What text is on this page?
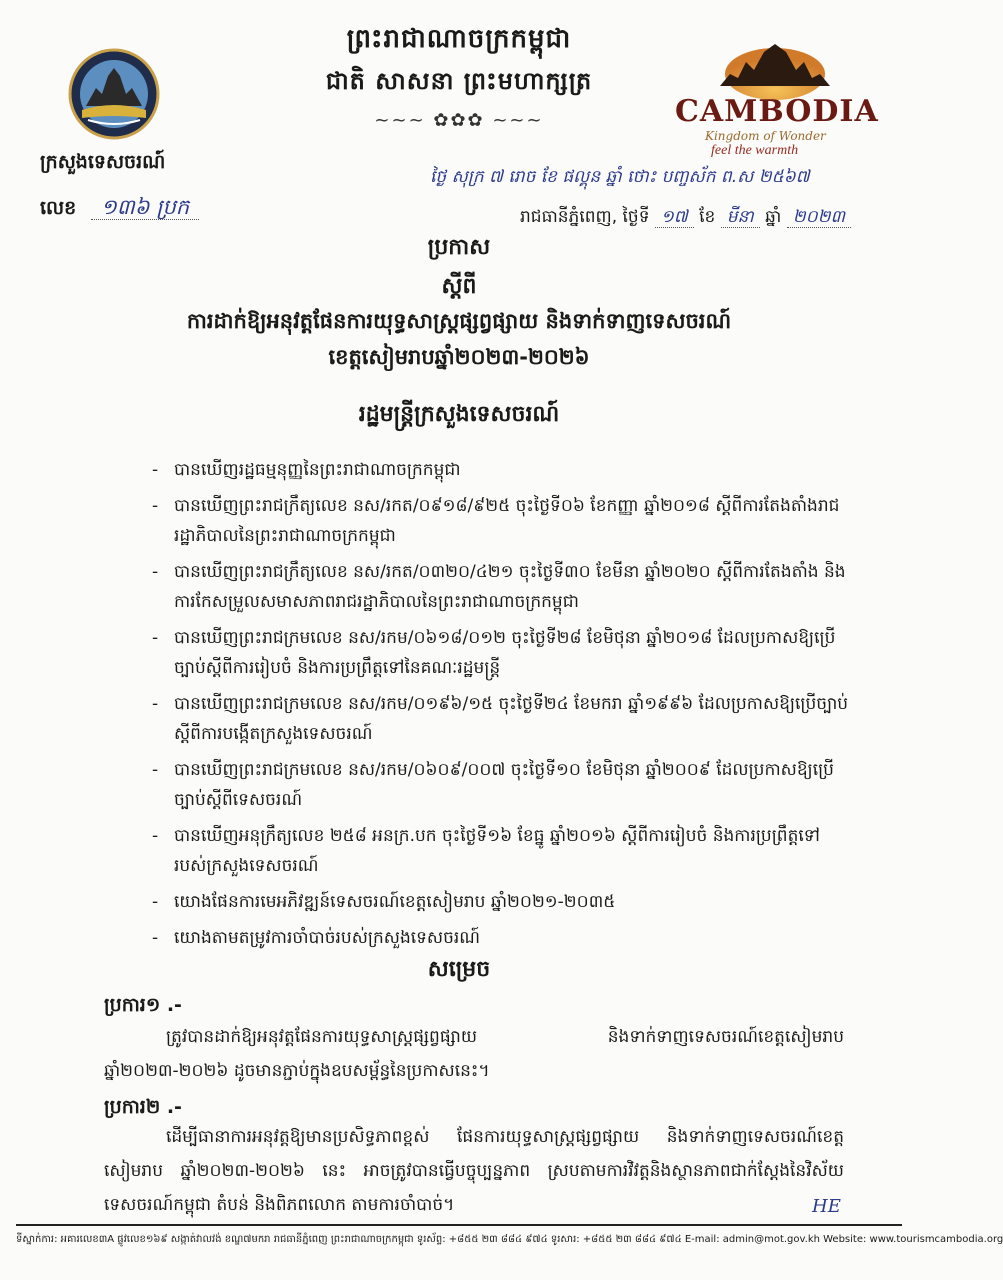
ព្រះរាជាណាចក្រកម្ពុជា
ជាតិ សាសនា ព្រះមហាក្សត្រ
~~~ ✿✿✿ ~~~
ក្រសួងទេសចរណ៍
លេខ ១៣៦ ប្រក
CAMBODIA
Kingdom of Wonder
feel the warmth
ថ្ងៃ សុក្រ ៧ រោច ខែ ផល្គុន ឆ្នាំ ថោះ បញ្ចស័ក ព.ស ២៥៦៧
រាជធានីភ្នំពេញ, ថ្ងៃទី ១៧ ខែ មីនា ឆ្នាំ ២០២៣
ប្រកាស
ស្តីពី
ការដាក់ឱ្យអនុវត្តផែនការយុទ្ធសាស្ត្រផ្សព្វផ្សាយ និងទាក់ទាញទេសចរណ៍
ខេត្តសៀមរាបឆ្នាំ២០២៣-២០២៦
រដ្ឋមន្ត្រីក្រសួងទេសចរណ៍
- បានឃើញរដ្ឋធម្មនុញ្ញនៃព្រះរាជាណាចក្រកម្ពុជា
- បានឃើញព្រះរាជក្រឹត្យលេខ នស/រកត/០៩១៨/៩២៥ ចុះថ្ងៃទី០៦ ខែកញ្ញា ឆ្នាំ២០១៨ ស្តីពីការតែងតាំងរាជរដ្ឋាភិបាលនៃព្រះរាជាណាចក្រកម្ពុជា
- បានឃើញព្រះរាជក្រឹត្យលេខ នស/រកត/០៣២០/៤២១ ចុះថ្ងៃទី៣០ ខែមីនា ឆ្នាំ២០២០ ស្តីពីការតែងតាំង និងការកែសម្រួលសមាសភាពរាជរដ្ឋាភិបាលនៃព្រះរាជាណាចក្រកម្ពុជា
- បានឃើញព្រះរាជក្រមលេខ នស/រកម/០៦១៨/០១២ ចុះថ្ងៃទី២៨ ខែមិថុនា ឆ្នាំ២០១៨ ដែលប្រកាសឱ្យប្រើច្បាប់ស្តីពីការរៀបចំ និងការប្រព្រឹត្តទៅនៃគណៈរដ្ឋមន្ត្រី
- បានឃើញព្រះរាជក្រមលេខ នស/រកម/០១៩៦/១៥ ចុះថ្ងៃទី២៤ ខែមករា ឆ្នាំ១៩៩៦ ដែលប្រកាសឱ្យប្រើច្បាប់ស្តីពីការបង្កើតក្រសួងទេសចរណ៍
- បានឃើញព្រះរាជក្រមលេខ នស/រកម/០៦០៩/០០៧ ចុះថ្ងៃទី១០ ខែមិថុនា ឆ្នាំ២០០៩ ដែលប្រកាសឱ្យប្រើច្បាប់ស្តីពីទេសចរណ៍
- បានឃើញអនុក្រឹត្យលេខ ២៥៨ អនក្រ.បក ចុះថ្ងៃទី១៦ ខែធ្នូ ឆ្នាំ២០១៦ ស្តីពីការរៀបចំ និងការប្រព្រឹត្តទៅរបស់ក្រសួងទេសចរណ៍
- យោងផែនការមេអភិវឌ្ឍន៍ទេសចរណ៍ខេត្តសៀមរាប ឆ្នាំ២០២១-២០៣៥
- យោងតាមតម្រូវការចាំបាច់របស់ក្រសួងទេសចរណ៍
សម្រេច
ប្រការ១ .-
ត្រូវបានដាក់ឱ្យអនុវត្តផែនការយុទ្ធសាស្ត្រផ្សព្វផ្សាយ និងទាក់ទាញទេសចរណ៍ខេត្តសៀមរាប ឆ្នាំ២០២៣-២០២៦ ដូចមានភ្ជាប់ក្នុងឧបសម្ព័ន្ធនៃប្រកាសនេះ។
ប្រការ២ .-
ដើម្បីធានាការអនុវត្តឱ្យមានប្រសិទ្ធភាពខ្ពស់ ផែនការយុទ្ធសាស្ត្រផ្សព្វផ្សាយ និងទាក់ទាញទេសចរណ៍ខេត្តសៀមរាប ឆ្នាំ២០២៣-២០២៦ នេះ អាចត្រូវបានធ្វើបច្ចុប្បន្នភាព ស្របតាមការវិវត្តនិងស្ថានភាពជាក់ស្តែងនៃវិស័យទេសចរណ៍កម្ពុជា តំបន់ និងពិភពលោក តាមការចាំបាច់។	HE
ទីស្នាក់ការ: អគារលេខ៣A ផ្លូវលេខ១៦៩ សង្កាត់វាលវង់ ខណ្ឌ៧មករា រាជធានីភ្នំពេញ ព្រះរាជាណាចក្រកម្ពុជា ទូរស័ព្ទ: +៨៥៥ ២៣ ៨៨៤ ៩៧៤ ទូរសារ: +៨៥៥ ២៣ ៨៨៤ ៩៧៤ E-mail: admin@mot.gov.kh Website: www.tourismcambodia.org
